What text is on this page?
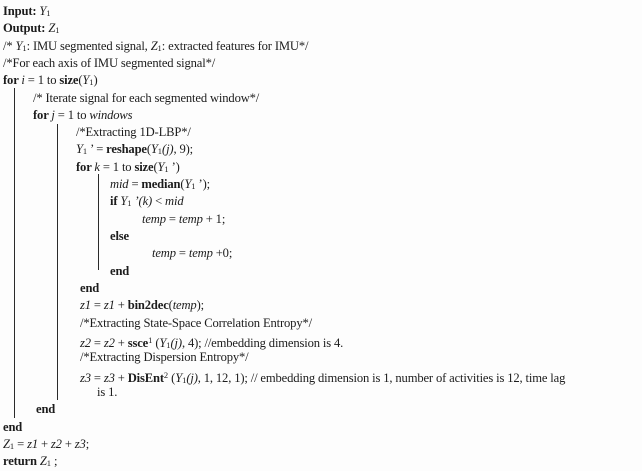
Input: Y1
Output: Z1
/* Y1: IMU segmented signal, Z1: extracted features for IMU*/
/*For each axis of IMU segmented signal*/
for i = 1 to size(Y1)
/* Iterate signal for each segmented window*/
for j = 1 to windows
/*Extracting 1D-LBP*/
Y1 ’ = reshape(Y1(j), 9);
for k = 1 to size(Y1 ’)
mid = median(Y1 ’);
if Y1 ’(k) < mid
temp = temp + 1;
else
temp = temp +0;
end
end
z1 = z1 + bin2dec(temp);
/*Extracting State-Space Correlation Entropy*/
z2 = z2 + ssce$^1$ (Y1(j), 4); //embedding dimension is 4.
/*Extracting Dispersion Entropy*/
z3 = z3 + DisEnt$^2$ (Y1(j), 1, 12, 1); // embedding dimension is 1, number of activities is 12, time lag
is 1.
end
end
Z1 = z1 + z2 + z3;
return Z1 ;
